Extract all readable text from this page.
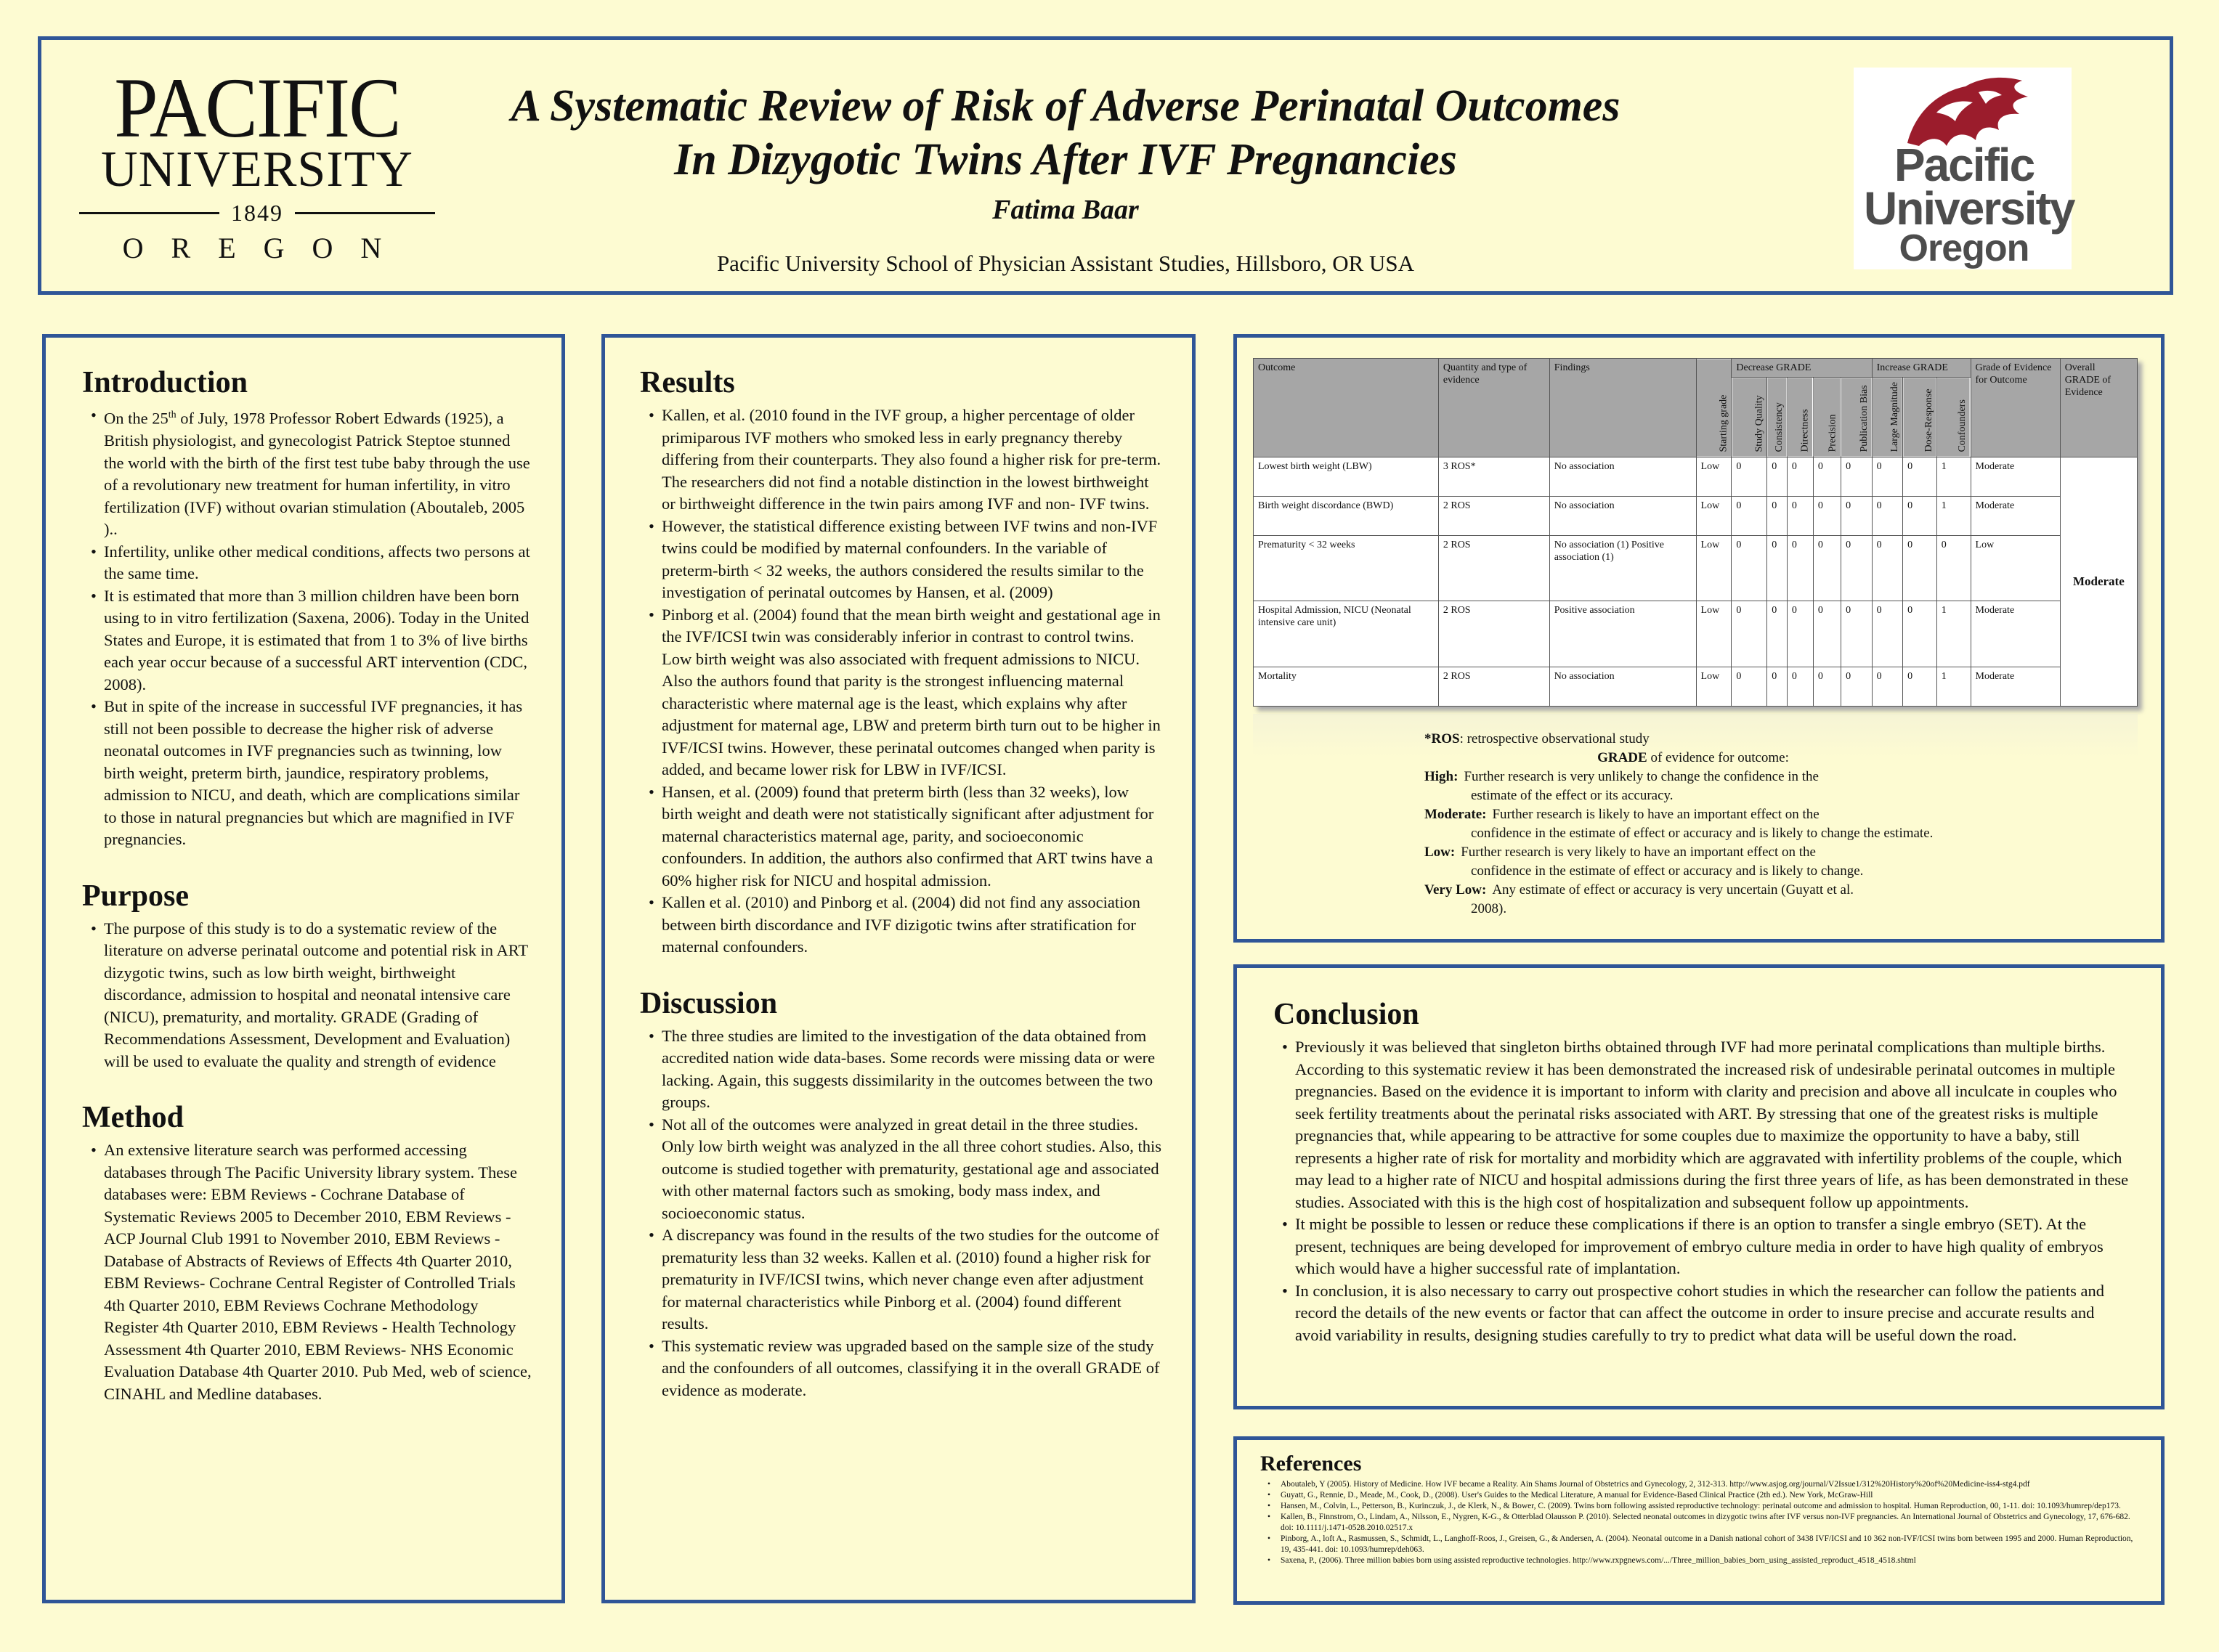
PACIFIC
UNIVERSITY
1849
OREGON
A Systematic Review of Risk of Adverse Perinatal Outcomes
In Dizygotic Twins After IVF Pregnancies
Fatima Baar
Pacific University School of Physician Assistant Studies, Hillsboro, OR USA
Pacific
University
Oregon
Introduction
• On the 25th of July, 1978 Professor Robert Edwards (1925), a British physiologist, and gynecologist Patrick Steptoe stunned the world with the birth of the first test tube baby through the use of a revolutionary new treatment for human infertility, in vitro fertilization (IVF) without ovarian stimulation (Aboutaleb, 2005 )..
• Infertility, unlike other medical conditions, affects two persons at the same time.
• It is estimated that more than 3 million children have been born using to in vitro fertilization (Saxena, 2006). Today in the United States and Europe, it is estimated that from 1 to 3% of live births each year occur because of a successful ART intervention (CDC, 2008).
• But in spite of the increase in successful IVF pregnancies, it has still not been possible to decrease the higher risk of adverse neonatal outcomes in IVF pregnancies such as twinning, low birth weight, preterm birth, jaundice, respiratory problems, admission to NICU, and death, which are complications similar to those in natural pregnancies but which are magnified in IVF pregnancies.
Purpose
• The purpose of this study is to do a systematic review of the literature on adverse perinatal outcome and potential risk in ART dizygotic twins, such as low birth weight, birthweight discordance, admission to hospital and neonatal intensive care (NICU), prematurity, and mortality. GRADE (Grading of Recommendations Assessment, Development and Evaluation) will be used to evaluate the quality and strength of evidence
Method
• An extensive literature search was performed accessing databases through The Pacific University library system. These databases were: EBM Reviews - Cochrane Database of Systematic Reviews 2005 to December 2010, EBM Reviews - ACP Journal Club 1991 to November 2010, EBM Reviews - Database of Abstracts of Reviews of Effects 4th Quarter 2010, EBM Reviews- Cochrane Central Register of Controlled Trials 4th Quarter 2010, EBM Reviews Cochrane Methodology Register 4th Quarter 2010, EBM Reviews - Health Technology Assessment 4th Quarter 2010, EBM Reviews- NHS Economic Evaluation Database 4th Quarter 2010. Pub Med, web of science, CINAHL and Medline databases.
Results
• Kallen, et al. (2010 found in the IVF group, a higher percentage of older primiparous IVF mothers who smoked less in early pregnancy thereby differing from their counterparts. They also found a higher risk for pre-term. The researchers did not find a notable distinction in the lowest birthweight or birthweight difference in the twin pairs among IVF and non- IVF twins.
• However, the statistical difference existing between IVF twins and non-IVF twins could be modified by maternal confounders. In the variable of preterm-birth < 32 weeks, the authors considered the results similar to the investigation of perinatal outcomes by Hansen, et al. (2009)
• Pinborg et al. (2004) found that the mean birth weight and gestational age in the IVF/ICSI twin was considerably inferior in contrast to control twins. Low birth weight was also associated with frequent admissions to NICU. Also the authors found that parity is the strongest influencing maternal characteristic where maternal age is the least, which explains why after adjustment for maternal age, LBW and preterm birth turn out to be higher in IVF/ICSI twins. However, these perinatal outcomes changed when parity is added, and became lower risk for LBW in IVF/ICSI.
• Hansen, et al. (2009) found that preterm birth (less than 32 weeks), low birth weight and death were not statistically significant after adjustment for maternal characteristics maternal age, parity, and socioeconomic confounders. In addition, the authors also confirmed that ART twins have a 60% higher risk for NICU and hospital admission.
• Kallen et al. (2010) and Pinborg et al. (2004) did not find any association between birth discordance and IVF dizigotic twins after stratification for maternal confounders.
Discussion
• The three studies are limited to the investigation of the data obtained from accredited nation wide data-bases. Some records were missing data or were lacking. Again, this suggests dissimilarity in the outcomes between the two groups.
• Not all of the outcomes were analyzed in great detail in the three studies. Only low birth weight was analyzed in the all three cohort studies. Also, this outcome is studied together with prematurity, gestational age and associated with other maternal factors such as smoking, body mass index, and socioeconomic status.
• A discrepancy was found in the results of the two studies for the outcome of prematurity less than 32 weeks. Kallen et al. (2010) found a higher risk for prematurity in IVF/ICSI twins, which never change even after adjustment for maternal characteristics while Pinborg et al. (2004) found different results.
• This systematic review was upgraded based on the sample size of the study and the confounders of all outcomes, classifying it in the overall GRADE of evidence as moderate.
Outcome	Quantity and type of evidence	Findings	Starting grade	Decrease GRADE					Increase GRADE			Grade of Evidence for Outcome	Overall GRADE of Evidence
				Study Quality	Consistency	Directness	Precision	Publication Bias	Large Magnitude	Dose-Response	Confounders		
Lowest birth weight (LBW)	3 ROS*	No association	Low	0	0	0	0	0	0	0	1	Moderate	Moderate
Birth weight discordance (BWD)	2 ROS	No association	Low	0	0	0	0	0	0	0	1	Moderate	
Prematurity < 32 weeks	2 ROS	No association (1) Positive association (1)	Low	0	0	0	0	0	0	0	0	Low	
Hospital Admission, NICU (Neonatal intensive care unit)	2 ROS	Positive association	Low	0	0	0	0	0	0	0	1	Moderate	
Mortality	2 ROS	No association	Low	0	0	0	0	0	0	0	1	Moderate	
*ROS: retrospective observational study
GRADE of evidence for outcome:
High: Further research is very unlikely to change the confidence in the
estimate of the effect or its accuracy.
Moderate: Further research is likely to have an important effect on the
confidence in the estimate of effect or accuracy and is likely to change the estimate.
Low: Further research is very likely to have an important effect on the
confidence in the estimate of effect or accuracy and is likely to change.
Very Low: Any estimate of effect or accuracy is very uncertain (Guyatt et al.
2008).
Conclusion
• Previously it was believed that singleton births obtained through IVF had more perinatal complications than multiple births. According to this systematic review it has been demonstrated the increased risk of undesirable perinatal outcomes in multiple pregnancies. Based on the evidence it is important to inform with clarity and precision and above all inculcate in couples who seek fertility treatments about the perinatal risks associated with ART. By stressing that one of the greatest risks is multiple pregnancies that, while appearing to be attractive for some couples due to maximize the opportunity to have a baby, still represents a higher rate of risk for mortality and morbidity which are aggravated with infertility problems of the couple, which may lead to a higher rate of NICU and hospital admissions during the first three years of life, as has been demonstrated in these studies. Associated with this is the high cost of hospitalization and subsequent follow up appointments.
• It might be possible to lessen or reduce these complications if there is an option to transfer a single embryo (SET). At the present, techniques are being developed for improvement of embryo culture media in order to have high quality of embryos which would have a higher successful rate of implantation.
• In conclusion, it is also necessary to carry out prospective cohort studies in which the researcher can follow the patients and record the details of the new events or factor that can affect the outcome in order to insure precise and accurate results and avoid variability in results, designing studies carefully to try to predict what data will be useful down the road.
References
• Aboutaleb, Y (2005). History of Medicine. How IVF became a Reality. Ain Shams Journal of Obstetrics and Gynecology, 2, 312-313. http://www.asjog.org/journal/V2Issue1/312%20History%20of%20Medicine-iss4-stg4.pdf
• Guyatt, G., Rennie, D., Meade, M., Cook, D., (2008). User's Guides to the Medical Literature, A manual for Evidence-Based Clinical Practice (2th ed.). New York, McGraw-Hill
• Hansen, M., Colvin, L., Petterson, B., Kurinczuk, J., de Klerk, N., & Bower, C. (2009). Twins born following assisted reproductive technology: perinatal outcome and admission to hospital. Human Reproduction, 00, 1-11. doi: 10.1093/humrep/dep173.
• Kallen, B., Finnstrom, O., Lindam, A., Nilsson, E., Nygren, K-G., & Otterblad Olausson P. (2010). Selected neonatal outcomes in dizygotic twins after IVF versus non-IVF pregnancies. An International Journal of Obstetrics and Gynecology, 17, 676-682. doi: 10.1111/j.1471-0528.2010.02517.x
• Pinborg, A., loft A., Rasmussen, S., Schmidt, L., Langhoff-Roos, J., Greisen, G., & Andersen, A. (2004). Neonatal outcome in a Danish national cohort of 3438 IVF/ICSI and 10 362 non-IVF/ICSI twins born between 1995 and 2000. Human Reproduction, 19, 435-441. doi: 10.1093/humrep/deh063.
• Saxena, P., (2006). Three million babies born using assisted reproductive technologies. http://www.rxpgnews.com/.../Three_million_babies_born_using_assisted_reproduct_4518_4518.shtml
